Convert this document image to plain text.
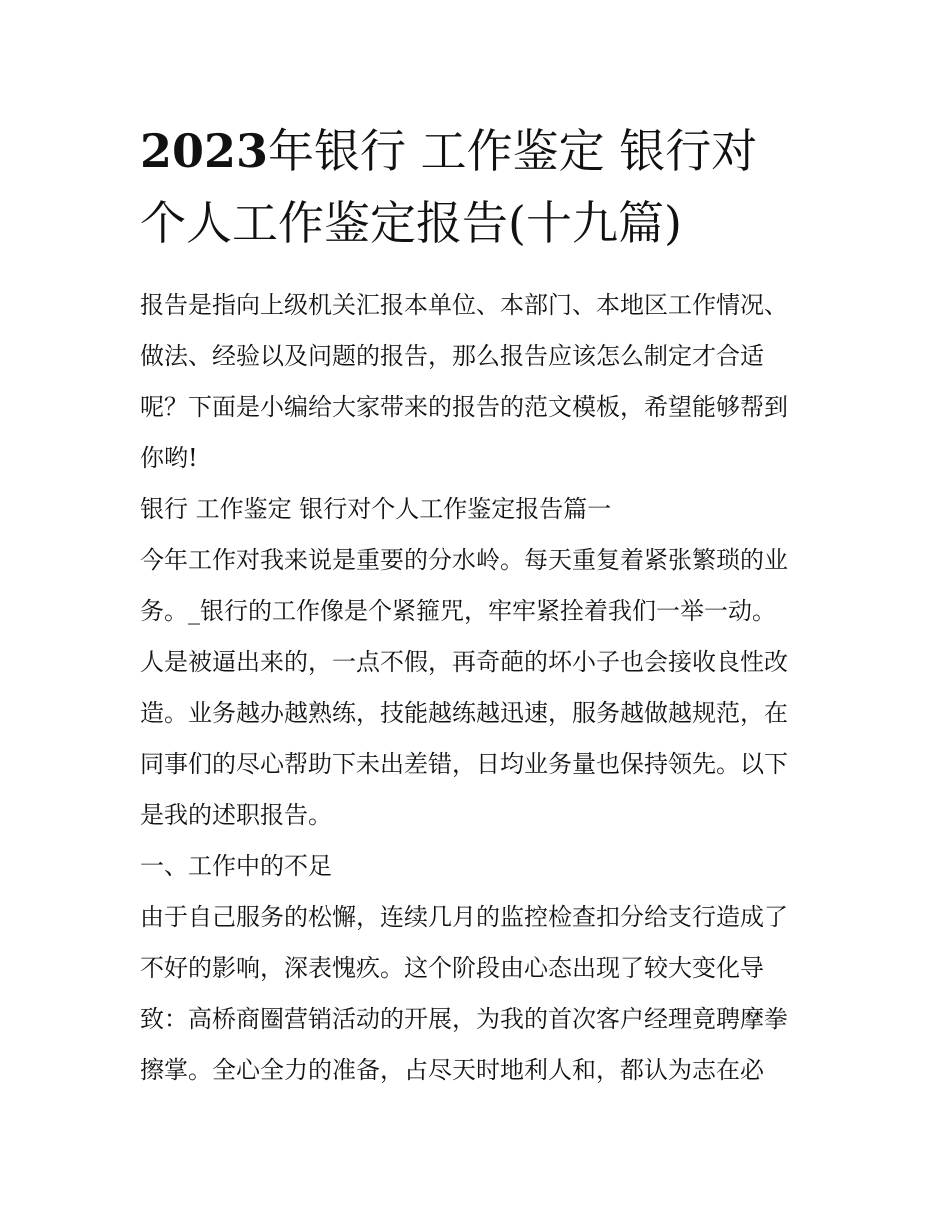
2023年银行 工作鉴定 银行对
个人工作鉴定报告(十九篇)

报告是指向上级机关汇报本单位、本部门、本地区工作情况、
做法、经验以及问题的报告，那么报告应该怎么制定才合适
呢？下面是小编给大家带来的报告的范文模板，希望能够帮到
你哟!

银行 工作鉴定 银行对个人工作鉴定报告篇一

今年工作对我来说是重要的分水岭。每天重复着紧张繁琐的业
务。_银行的工作像是个紧箍咒，牢牢紧拴着我们一举一动。
人是被逼出来的，一点不假，再奇葩的坏小子也会接收良性改
造。业务越办越熟练，技能越练越迅速，服务越做越规范，在
同事们的尽心帮助下未出差错，日均业务量也保持领先。以下
是我的述职报告。

一、工作中的不足

由于自己服务的松懈，连续几月的监控检查扣分给支行造成了
不好的影响，深表愧疚。这个阶段由心态出现了较大变化导
致：高桥商圈营销活动的开展，为我的首次客户经理竟聘摩拳
擦掌。全心全力的准备，占尽天时地利人和，都认为志在必
